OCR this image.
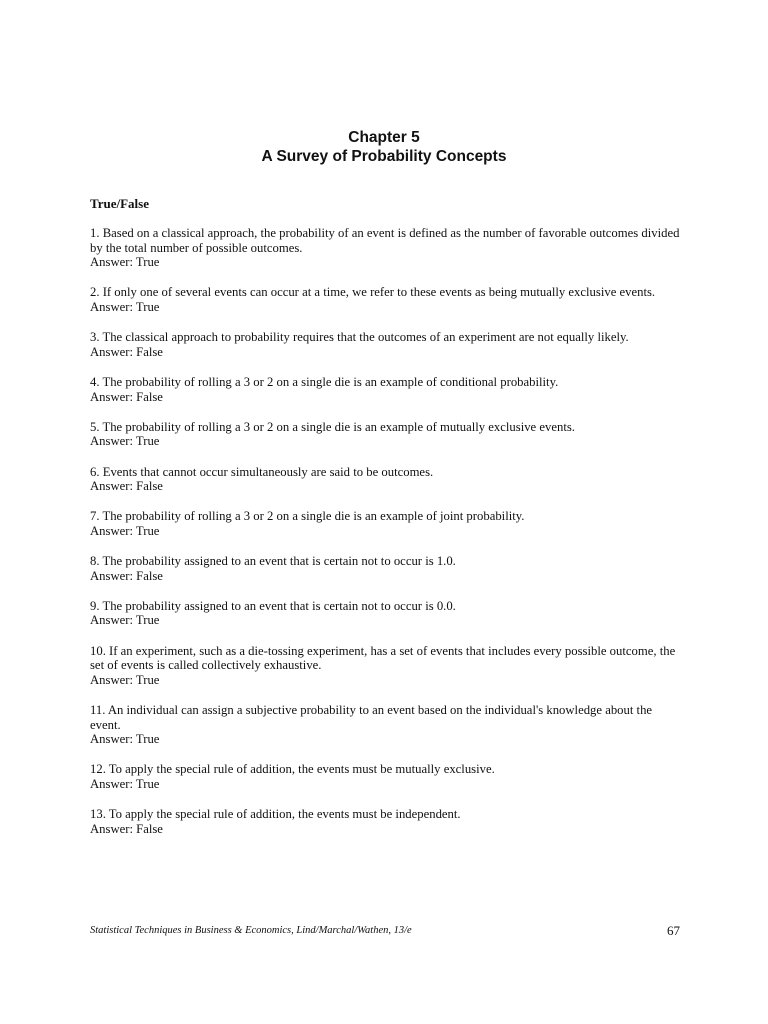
Chapter 5
A Survey of Probability Concepts
True/False
1. Based on a classical approach, the probability of an event is defined as the number of favorable outcomes divided by the total number of possible outcomes.
Answer: True
2. If only one of several events can occur at a time, we refer to these events as being mutually exclusive events.
Answer: True
3. The classical approach to probability requires that the outcomes of an experiment are not equally likely.
Answer: False
4. The probability of rolling a 3 or 2 on a single die is an example of conditional probability.
Answer: False
5. The probability of rolling a 3 or 2 on a single die is an example of mutually exclusive events.
Answer: True
6. Events that cannot occur simultaneously are said to be outcomes.
Answer: False
7. The probability of rolling a 3 or 2 on a single die is an example of joint probability.
Answer: True
8. The probability assigned to an event that is certain not to occur is 1.0.
Answer: False
9. The probability assigned to an event that is certain not to occur is 0.0.
Answer: True
10. If an experiment, such as a die-tossing experiment, has a set of events that includes every possible outcome, the set of events is called collectively exhaustive.
Answer: True
11. An individual can assign a subjective probability to an event based on the individual's knowledge about the event.
Answer: True
12. To apply the special rule of addition, the events must be mutually exclusive.
Answer: True
13. To apply the special rule of addition, the events must be independent.
Answer: False
Statistical Techniques in Business & Economics, Lind/Marchal/Wathen, 13/e	67
